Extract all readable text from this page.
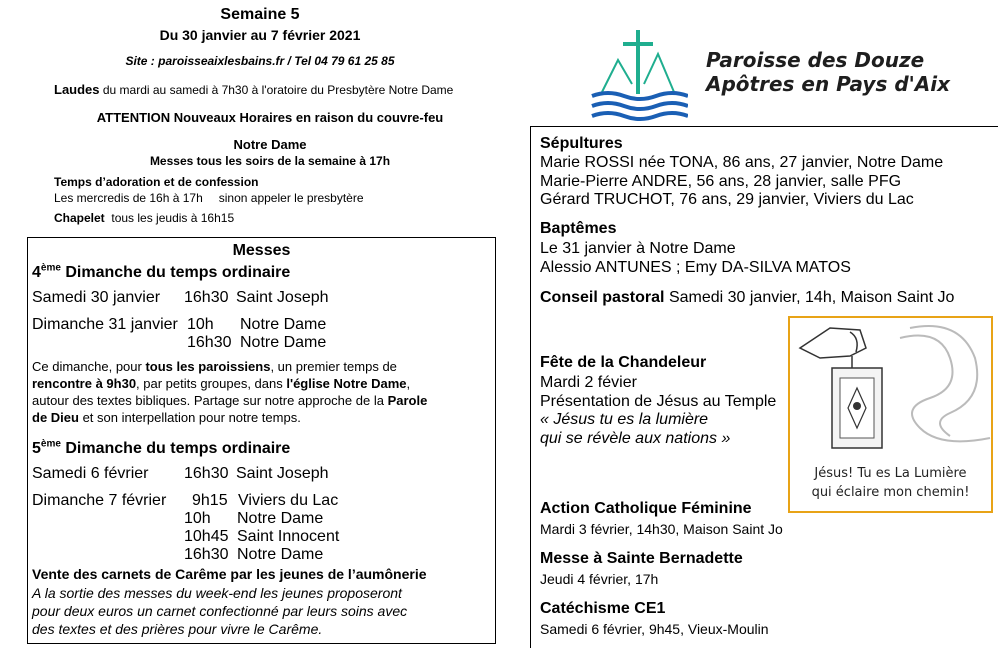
Semaine 5
Du 30 janvier au 7 février 2021
Site : paroisseaixlesbains.fr / Tel 04 79 61 25 85
Laudes du mardi au samedi à 7h30 à l'oratoire du Presbytère Notre Dame
ATTENTION Nouveaux Horaires en raison du couvre-feu
Notre Dame
Messes tous les soirs de la semaine à 17h
Temps d’adoration et de confession
Les mercredis de 16h à 17h sinon appeler le presbytère
Chapelet tous les jeudis à 16h15
Paroisse des Douze
Apôtres en Pays d'Aix
Messes
4ème Dimanche du temps ordinaire
Samedi 30 janvier 16h30 Saint Joseph
Dimanche 31 janvier 10h Notre Dame
16h30 Notre Dame
Ce dimanche, pour tous les paroissiens, un premier temps de
rencontre à 9h30, par petits groupes, dans l'église Notre Dame,
autour des textes bibliques. Partage sur notre approche de la Parole
de Dieu et son interpellation pour notre temps.
5ème Dimanche du temps ordinaire
Samedi 6 février 16h30 Saint Joseph
Dimanche 7 février 9h15 Viviers du Lac
10h Notre Dame
10h45 Saint Innocent
16h30 Notre Dame
Vente des carnets de Carême par les jeunes de l’aumônerie
A la sortie des messes du week-end les jeunes proposeront
pour deux euros un carnet confectionné par leurs soins avec
des textes et des prières pour vivre le Carême.
Sépultures
Marie ROSSI née TONA, 86 ans, 27 janvier, Notre Dame
Marie-Pierre ANDRE, 56 ans, 28 janvier, salle PFG
Gérard TRUCHOT, 76 ans, 29 janvier, Viviers du Lac
Baptêmes
Le 31 janvier à Notre Dame
Alessio ANTUNES ; Emy DA-SILVA MATOS
Conseil pastoral Samedi 30 janvier, 14h, Maison Saint Jo
Fête de la Chandeleur
Mardi 2 févier
Présentation de Jésus au Temple
« Jésus tu es la lumière
qui se révèle aux nations »
Jésus! Tu es La Lumière
qui éclaire mon chemin!
Action Catholique Féminine
Mardi 3 février, 14h30, Maison Saint Jo
Messe à Sainte Bernadette
Jeudi 4 février, 17h
Catéchisme CE1
Samedi 6 février, 9h45, Vieux-Moulin
